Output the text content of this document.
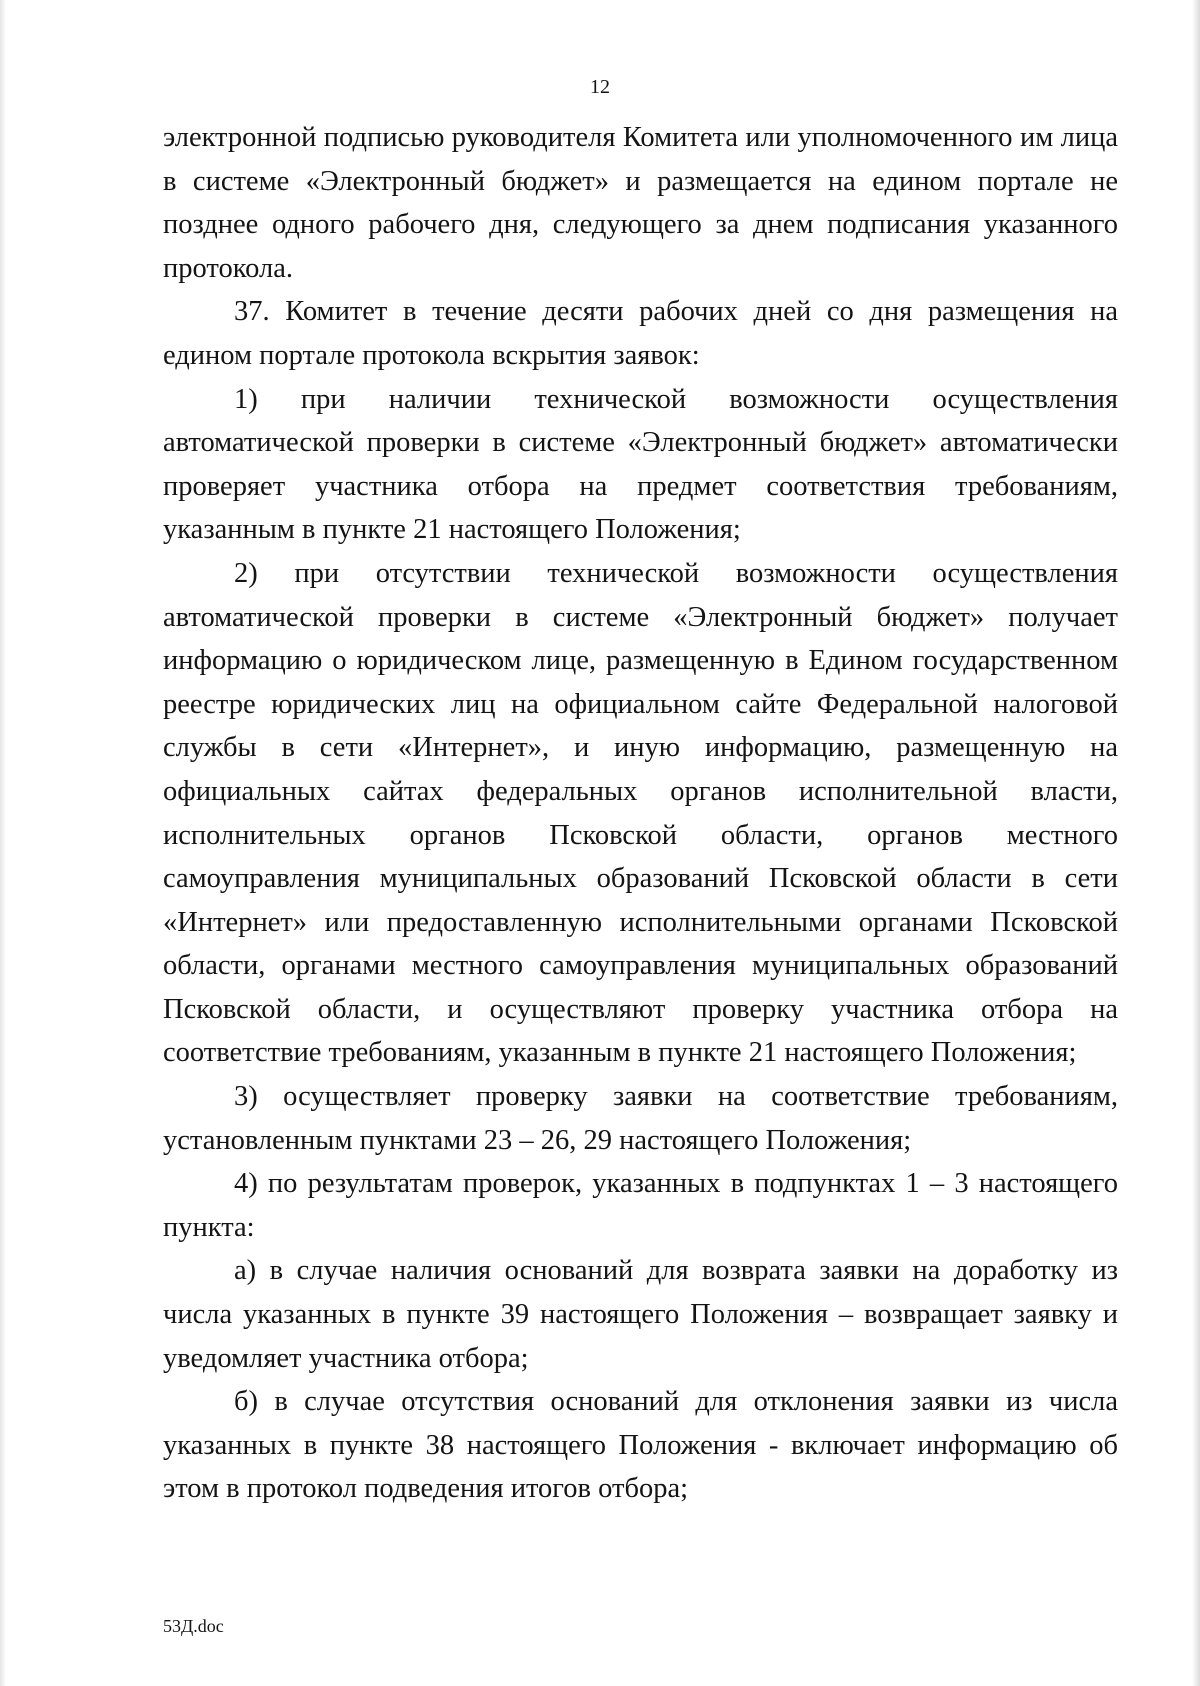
12

электронной подписью руководителя Комитета или уполномоченного им лица в системе «Электронный бюджет» и размещается на едином портале не позднее одного рабочего дня, следующего за днем подписания указанного протокола.

37. Комитет в течение десяти рабочих дней со дня размещения на едином портале протокола вскрытия заявок:

1) при наличии технической возможности осуществления автоматической проверки в системе «Электронный бюджет» автоматически проверяет участника отбора на предмет соответствия требованиям, указанным в пункте 21 настоящего Положения;

2) при отсутствии технической возможности осуществления автоматической проверки в системе «Электронный бюджет» получает информацию о юридическом лице, размещенную в Едином государственном реестре юридических лиц на официальном сайте Федеральной налоговой службы в сети «Интернет», и иную информацию, размещенную на официальных сайтах федеральных органов исполнительной власти, исполнительных органов Псковской области, органов местного самоуправления муниципальных образований Псковской области в сети «Интернет» или предоставленную исполнительными органами Псковской области, органами местного самоуправления муниципальных образований Псковской области, и осуществляют проверку участника отбора на соответствие требованиям, указанным в пункте 21 настоящего Положения;

3) осуществляет проверку заявки на соответствие требованиям, установленным пунктами 23 – 26, 29 настоящего Положения;

4) по результатам проверок, указанных в подпунктах 1 – 3 настоящего пункта:

а) в случае наличия оснований для возврата заявки на доработку из числа указанных в пункте 39 настоящего Положения – возвращает заявку и уведомляет участника отбора;

б) в случае отсутствия оснований для отклонения заявки из числа указанных в пункте 38 настоящего Положения - включает информацию об этом в протокол подведения итогов отбора;

53Д.doc
